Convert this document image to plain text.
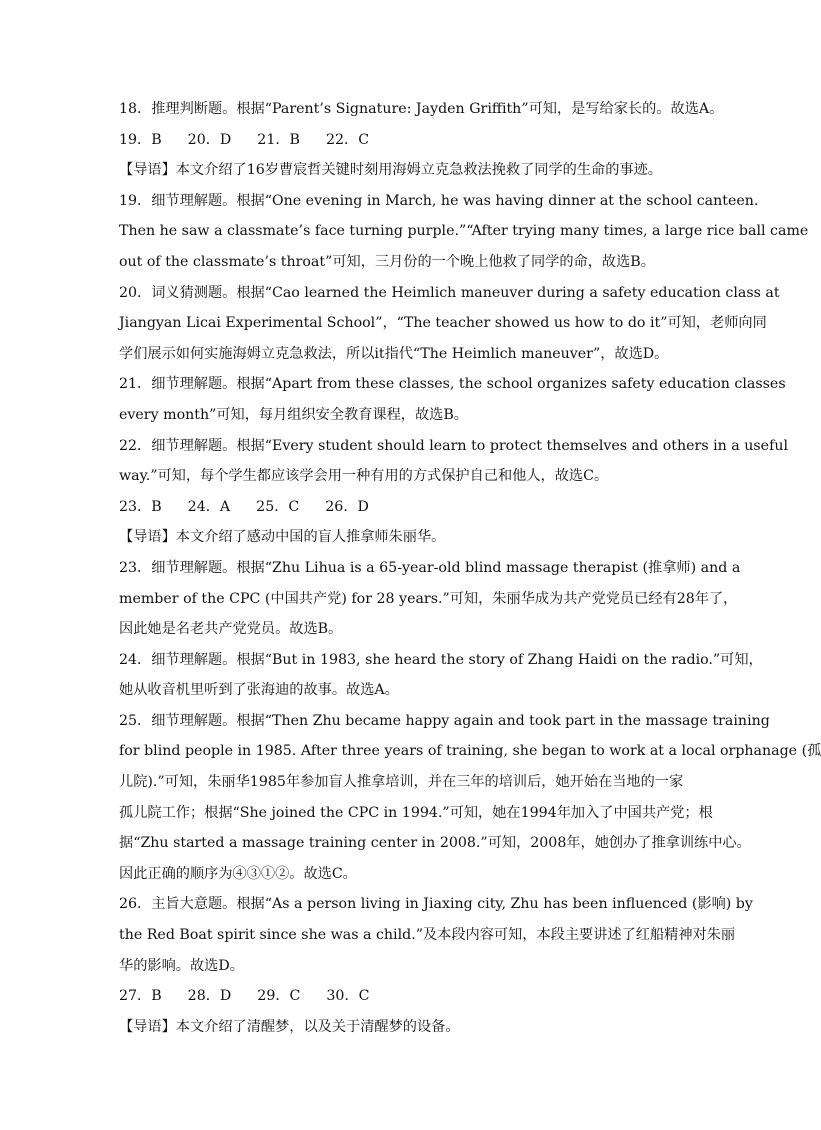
18．推理判断题。根据“Parent’s Signature: Jayden Griffith”可知，是写给家长的。故选A。
19．B 20．D 21．B 22．C
【导语】本文介绍了16岁曹宸哲关键时刻用海姆立克急救法挽救了同学的生命的事迹。
19．细节理解题。根据“One evening in March, he was having dinner at the school canteen.
Then he saw a classmate’s face turning purple.”“After trying many times, a large rice ball came
out of the classmate’s throat”可知，三月份的一个晚上他救了同学的命，故选B。
20．词义猜测题。根据“Cao learned the Heimlich maneuver during a safety education class at
Jiangyan Licai Experimental School”，“The teacher showed us how to do it”可知，老师向同
学们展示如何实施海姆立克急救法，所以it指代“The Heimlich maneuver”，故选D。
21．细节理解题。根据“Apart from these classes, the school organizes safety education classes
every month”可知，每月组织安全教育课程，故选B。
22．细节理解题。根据“Every student should learn to protect themselves and others in a useful
way.”可知，每个学生都应该学会用一种有用的方式保护自己和他人，故选C。
23．B 24．A 25．C 26．D
【导语】本文介绍了感动中国的盲人推拿师朱丽华。
23．细节理解题。根据“Zhu Lihua is a 65-year-old blind massage therapist (推拿师) and a
member of the CPC (中国共产党) for 28 years.”可知，朱丽华成为共产党党员已经有28年了，
因此她是名老共产党党员。故选B。
24．细节理解题。根据“But in 1983, she heard the story of Zhang Haidi on the radio.”可知，
她从收音机里听到了张海迪的故事。故选A。
25．细节理解题。根据“Then Zhu became happy again and took part in the massage training
for blind people in 1985. After three years of training, she began to work at a local orphanage (孤
儿院).”可知，朱丽华1985年参加盲人推拿培训，并在三年的培训后，她开始在当地的一家
孤儿院工作；根据“She joined the CPC in 1994.”可知，她在1994年加入了中国共产党；根
据“Zhu started a massage training center in 2008.”可知，2008年，她创办了推拿训练中心。
因此正确的顺序为④③①②。故选C。
26．主旨大意题。根据“As a person living in Jiaxing city, Zhu has been influenced (影响) by
the Red Boat spirit since she was a child.”及本段内容可知，本段主要讲述了红船精神对朱丽
华的影响。故选D。
27．B 28．D 29．C 30．C
【导语】本文介绍了清醒梦，以及关于清醒梦的设备。
